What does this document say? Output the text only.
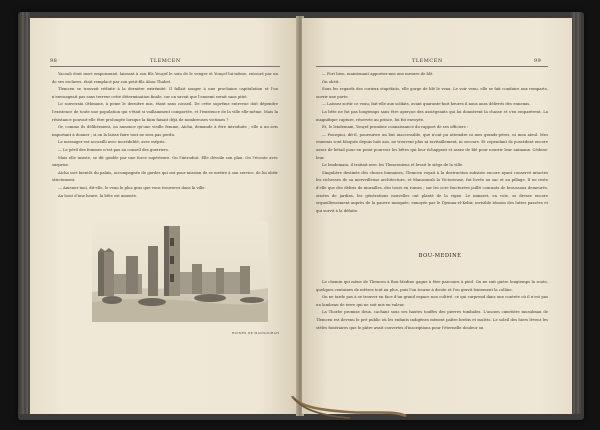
98	TLEMCEN

Yacoub était mort empoisonné, laissant à son fils Youçef le soin de le venger et Youçef lui-même, entouré par un de ses esclaves, était remplacé par son petit-fils Abou Thabet.

Tlemcen se trouvait réduite à la dernière extrémité. Il fallait songer à une prochaine capitulation et l'on n'envisageait pas sans terreur cette détermination finale, car on savait que l'ennemi serait sans pitié.

Le souverain Othmane, à peine le dernière mis, étant sans conseil. De cette suprême entrevue doit dépendre l'existence de toute une population qui s'était si vaillamment comportée, et l'existence de la ville elle-même. Mais la résistance pouvait-elle être prolongée lorsque la faim faisait déjà de nombreuses victimes ?

Or, comme ils délibéraient, on annonce qu'une vieille femme, Aïcha, demande à être introduite ; elle a un avis important à donner ; si on la laisse faire tout ne sera pas perdu.

Le messager est accueilli avec incrédulité, avec mépris.

— Le péril des femmes n'est pas au conseil des guerriers.

Mais elle insiste, se dit guidée par une force supérieure. On l'introduit. Elle dévoile son plan. On l'écoute avec surprise.

Aïcha sort bientôt du palais, accompagnée de gardes qui ont pour mission de se mettre à son service, de lui obéir strictement.

— Amenez-moi, dit-elle, le veau le plus gras que vous trouverez dans la ville.

Au bout d'une heure, la bête est amenée.

RUINES DE MANSOURAH
TLEMCEN	99

— Fort bien, maintenant apportez-moi une mesure de blé.

On obéit.

Sous les regards des curieux stupéfaits, elle gorge de blé le veau. Le voir venu, elle se fait conduire aux remparts, ouvrir une porte.

— Laissez sortir ce veau, fait-elle aux soldats, avant quarante-huit heures il nous aura délivrés des ennemis.

La bête ne fut pas longtemps sans être aperçue des assiégeants qui lui donnèrent la chasse et s'en emparèrent. La magnifique capture, réservée au prince, lui fut envoyée.

Et, le lendemain, Youçef promène connaissance du rapport de ses officiers :

— Pourquoi, dit-il, poursuivre un but inaccessible, que n'ont pu atteindre ni mes grands-pères, ni mon aïeul. Mes ennemis sont bloqués depuis huit ans, ne trouvent plus ni ravitaillement, ni secours. Et cependant ils possèdent encore assez de bétail pour en point pourvoir les bêtes qui leur échappent et assez de blé pour nourrir leur animaux. Cédons-leur.

Le lendemain, il traitait avec les Tlemceniens et levait le siège de la ville.

Singulière destinée des choses humaines, Tlemcen voyait à la destruction subsiste encore ayant conservé intactes les richesses de sa merveilleuse architecture, et Mansourah la Victorieuse, fut livrée au sac et au pillage. Il ne reste d'elle que des débris de murailles, des tours en ruines ; sur les ocre fracturées jaillit courants de broussaux demeurés, ornées de jardins, les générations nouvelles ont planté de la vigne. Le minaret, en voie, se dresse encore orgueilleusement auprès de la pauvre mosquée, ennoyée par le Djemaa-el-Kebir, invisible témoin des luttes passées et qui survit à la défaite.

Le chemin qui mène de Tlemcen à Bou-Medine gagne à être parcouru à pied. On ne suit guère longtemps la route, quelques centaines de mètres tout au plus, puis l'on tourne à droite et l'on gravit lentement la colline.

On ne tarde pas à se trouver en face d'un grand espace non cultivé, ce qui surprend dans une contrée où il n'est pas un lambeau de terre qui ne soit mis en valeur.

La Thorbe promise deux, cachant sous ses hautes touffes des pierres tombales. L'ancien cimetière musulman de Tlemcen est devenu le pré public où les enfants indigènes mènent paître brebis et mulets. Le soleil des hiers lèvent les stèles funéraires que le pâtre avait couvertes d'inscriptions pour l'éternelle douleur ou

BOU-MEDINE
